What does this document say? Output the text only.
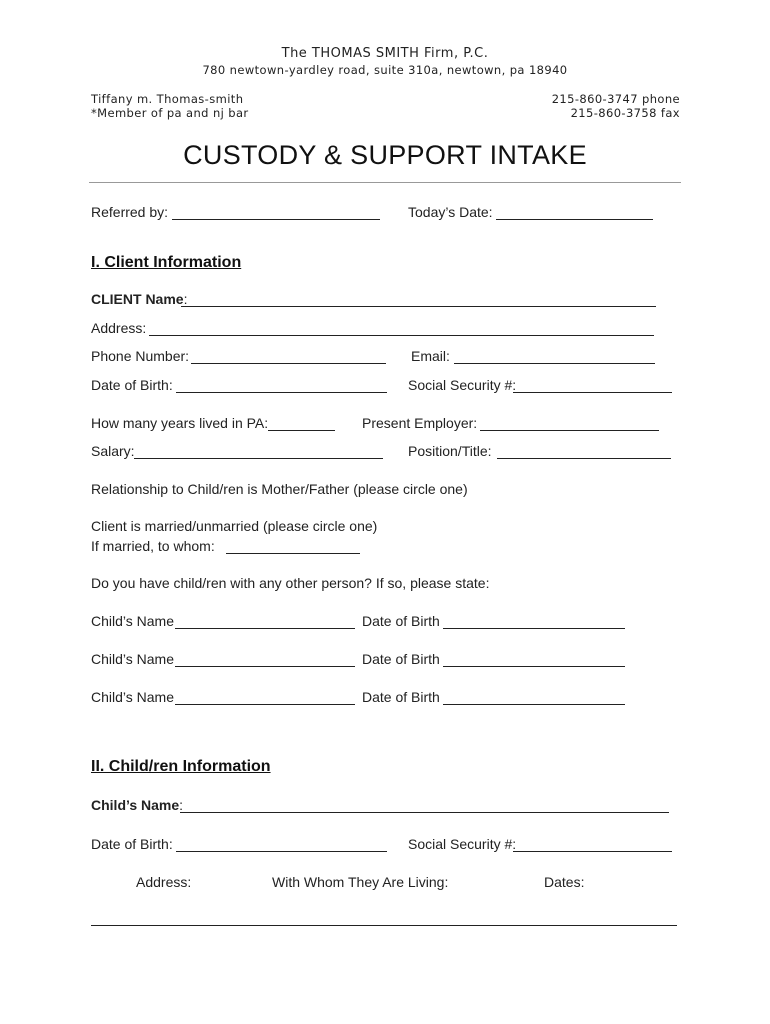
The THOMAS SMITH Firm, P.C.
780 newtown-yardley road, suite 310a, newtown, pa 18940
Tiffany m. Thomas-smith
*Member of pa and nj bar
215-860-3747 phone
215-860-3758 fax
CUSTODY & SUPPORT INTAKE
Referred by:	Today’s Date:
I. Client Information
CLIENT Name:
Address:
Phone Number:	Email:
Date of Birth:	Social Security #:
How many years lived in PA:	Present Employer:
Salary:	Position/Title:
Relationship to Child/ren is Mother/Father (please circle one)
Client is married/unmarried (please circle one)
If married, to whom:
Do you have child/ren with any other person? If so, please state:
Child’s Name	Date of Birth
Child’s Name	Date of Birth
Child’s Name	Date of Birth
II. Child/ren Information
Child’s Name:
Date of Birth:	Social Security #:
Address:	With Whom They Are Living:	Dates:
